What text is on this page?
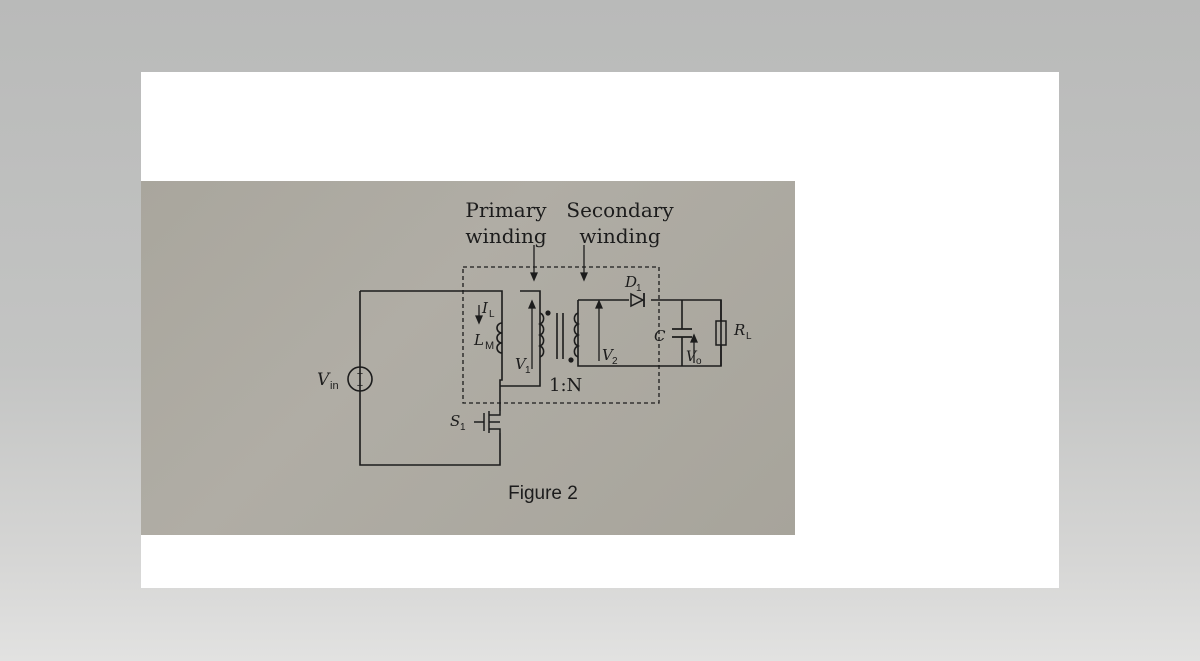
+
−
Primary
winding
Secondary
winding
V in
I L
L M
V 1
V 2
1:N
D
1
C
V o
R L
S 1
Figure 2
